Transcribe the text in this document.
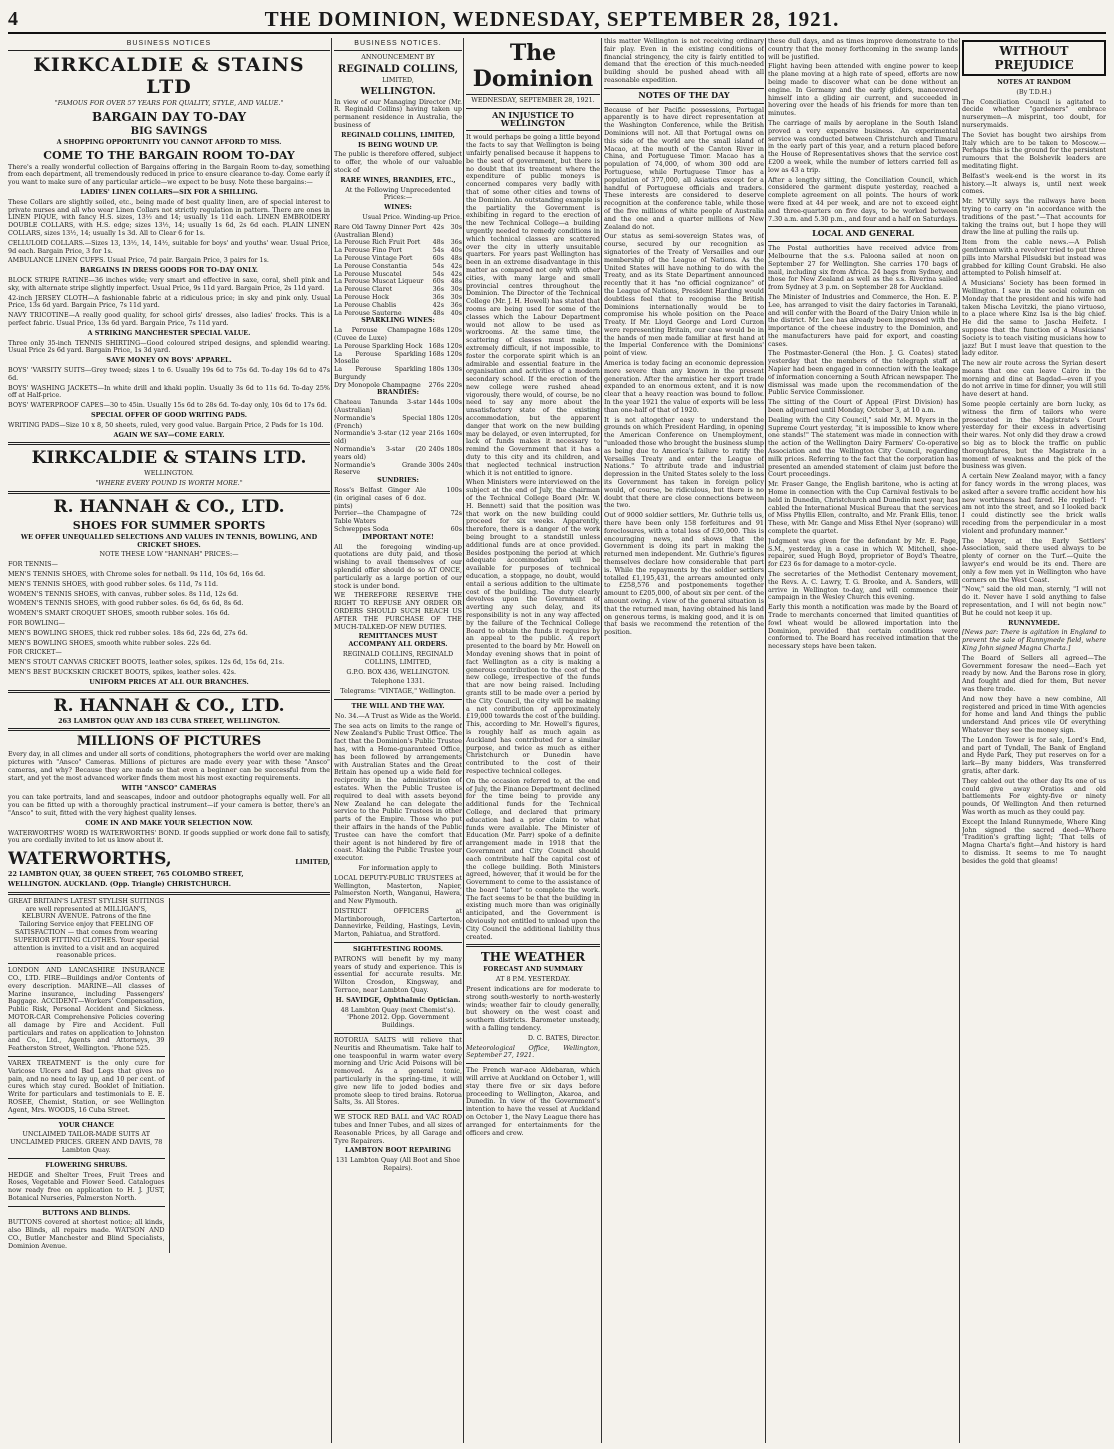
4	THE DOMINION, WEDNESDAY, SEPTEMBER 28, 1921.
BUSINESS NOTICES
KIRKCALDIE & STAINS LTD
"FAMOUS FOR OVER 57 YEARS FOR QUALITY, STYLE, AND VALUE."
BARGAIN DAY TO-DAY
BIG SAVINGS
A SHOPPING OPPORTUNITY YOU CANNOT AFFORD TO MISS.
COME TO THE BARGAIN ROOM TO-DAY

There's a really wonderful collection of Bargains offering in the Bargain Room to-day, something from each department, all tremendously reduced in price to ensure clearance to-day. Come early if you want to make sure of any particular article—we expect to be busy. Note these bargains:—

LADIES' LINEN COLLARS—SIX FOR A SHILLING.

These Collars are slightly soiled, etc., being made of best quality linen, are of special interest to private nurses and all who wear Linen Collars not strictly regulation in pattern. There are ones in LINEN PIQUE, with fancy H.S. sizes, 13½ and 14; usually 1s 11d each. LINEN EMBROIDERY DOUBLE COLLARS, with H.S. edge; sizes 13½, 14; usually 1s 6d, 2s 6d each. PLAIN LINEN COLLARS, sizes 13½, 14; usually 1s 3d. All to Clear 6 for 1s.

CELLULOID COLLARS.—Sizes 13, 13½, 14, 14½, suitable for boys' and youths' wear. Usual Price, 9d each. Bargain Price, 3 for 1s.

AMBULANCE LINEN CUFFS. Usual Price, 7d pair. Bargain Price, 3 pairs for 1s.

BARGAINS IN DRESS GOODS FOR TO-DAY ONLY.

BLOCK STRIPE RATINE—36 inches wide; very smart and effective in saxe, coral, shell pink and sky, with alternate stripe slightly imperfect. Usual Price, 9s 11d yard. Bargain Price, 2s 11d yard.

42-inch JERSEY CLOTH—A fashionable fabric at a ridiculous price; in sky and pink only. Usual Price, 13s 6d yard. Bargain Price, 7s 11d yard.

NAVY TRICOTINE—A really good quality, for school girls' dresses, also ladies' frocks. This is a perfect fabric. Usual Price, 13s 6d yard. Bargain Price, 7s 11d yard.

A STRIKING MANCHESTER SPECIAL VALUE.

Three only 35-inch TENNIS SHIRTING—Good coloured striped designs, and splendid wearing. Usual Price 2s 6d yard. Bargain Price, 1s 3d yard.

SAVE MONEY ON BOYS' APPAREL.

BOYS' 'VARSITY SUITS—Grey tweed; sizes 1 to 6. Usually 19s 6d to 75s 6d. To-day 19s 6d to 47s 6d.

BOYS' WASHING JACKETS—In white drill and khaki poplin. Usually 3s 6d to 11s 6d. To-day 25% off at Half-price.

BOYS' WATERPROOF CAPES—30 to 45in. Usually 15s 6d to 28s 6d. To-day only, 10s 6d to 17s 6d.

SPECIAL OFFER OF GOOD WRITING PADS.

WRITING PADS—Size 10 x 8, 50 sheets, ruled, very good value. Bargain Price, 2 Pads for 1s 10d.

AGAIN WE SAY—COME EARLY.
KIRKCALDIE & STAINS LTD.
WELLINGTON.
"WHERE EVERY POUND IS WORTH MORE."
R. HANNAH & CO., LTD.
SHOES FOR SUMMER SPORTS

WE OFFER UNEQUALLED SELECTIONS AND VALUES IN TENNIS, BOWLING, AND CRICKET SHOES.

NOTE THESE LOW "HANNAH" PRICES:—
FOR TENNIS—
MEN'S TENNIS SHOES, with Chrome soles for netball. 9s 11d, 10s 6d, 16s 6d.
MEN'S TENNIS SHOES, with good rubber soles. 6s 11d, 7s 11d.
WOMEN'S TENNIS SHOES, with canvas, rubber soles. 8s 11d, 12s 6d.
WOMEN'S TENNIS SHOES, with good rubber soles. 6s 6d, 6s 6d, 8s 6d.
WOMEN'S SMART CROQUET SHOES, smooth rubber soles. 16s 6d.
FOR BOWLING—
MEN'S BOWLING SHOES, thick red rubber soles. 18s 6d, 22s 6d, 27s 6d.
MEN'S BOWLING SHOES, smooth white rubber soles. 22s 6d.
FOR CRICKET—
MEN'S STOUT CANVAS CRICKET BOOTS, leather soles, spikes. 12s 6d, 15s 6d, 21s.
MEN'S BEST BUCKSKIN CRICKET BOOTS, spikes, leather soles. 42s.
UNIFORM PRICES AT ALL OUR BRANCHES.
R. HANNAH & CO., LTD.
263 LAMBTON QUAY AND 183 CUBA STREET, WELLINGTON.
MILLIONS OF PICTURES

Every day, in all climes and under all sorts of conditions, photographers the world over are making pictures with "Ansco" Cameras. Millions of pictures are made every year with these "Ansco" cameras, and why? Because they are made so that even a beginner can be successful from the start, and yet the most advanced worker finds them most his most exacting requirements.

WITH "ANSCO" CAMERAS

you can take portraits, land and seascapes, indoor and outdoor photographs equally well. For all you can be fitted up with a thoroughly practical instrument—if your camera is better, there's an "Ansco" to suit, fitted with the very highest quality lenses.

COME IN AND MAKE YOUR SELECTION NOW.

WATERWORTHS' WORD IS WATERWORTHS' BOND. If goods supplied or work done fail to satisfy, you are cordially invited to let us know about it.

WATERWORTHS,	LIMITED,
22 LAMBTON QUAY, 38 QUEEN STREET, 765 COLOMBO STREET,
WELLINGTON. AUCKLAND. (Opp. Triangle) CHRISTCHURCH.

GREAT BRITAIN'S LATEST STYLISH SUITINGS are well represented at MILLIGAN'S, KELBURN AVENUE. Patrons of the fine Tailoring Service enjoy that FEELING OF SATISFACTION — that comes from wearing SUPERIOR FITTING CLOTHES. Your special attention is invited to a visit and an acquired reasonable prices.

LONDON AND LANCASHIRE INSURANCE CO., LTD. FIRE—Buildings and/or Contents of every description. MARINE—All classes of Marine insurance, including Passengers' Baggage. ACCIDENT—Workers' Compensation, Public Risk, Personal Accident and Sickness. MOTOR-CAR Comprehensive Policies covering all damage by Fire and Accident. Full particulars and rates on application to Johnston and Co., Ltd., Agents and Attorneys, 39 Featherston Street, Wellington. 'Phone 525.

VAREX TREATMENT is the only cure for Varicose Ulcers and Bad Legs that gives no pain, and no need to lay up, and 10 per cent. of cures which stay cured. Booklet of Initiation. Write for particulars and testimonials to E. E. ROSEE, Chemist, Station, or see Wellington Agent, Mrs. WOODS, 16 Cuba Street.

YOUR CHANCE

UNCLAIMED TAILOR-MADE SUITS AT UNCLAIMED PRICES. GREEN AND DAVIS, 78 Lambton Quay.

FLOWERING SHRUBS.

HEDGE and Shelter Trees, Fruit Trees and Roses, Vegetable and Flower Seed. Catalogues now ready free on application to H. J. JUST, Botanical Nurseries, Palmerston North.

BUTTONS AND BLINDS.

BUTTONS covered at shortest notice; all kinds, also Blinds, all repairs made. WATSON AND CO., Butler Manchester and Blind Specialists, Dominion Avenue.

BUSINESS NOTICES.
ANNOUNCEMENT BY
REGINALD COLLINS,
LIMITED,
WELLINGTON.

In view of our Managing Director (Mr. R. Reginald Collins) having taken up permanent residence in Australia, the business of

REGINALD COLLINS, LIMITED,
IS BEING WOUND UP.

The public is therefore offered, subject to offer, the whole of our valuable stock of

RARE WINES, BRANDIES, ETC.,
At the Following Unprecedented Prices:—
WINES:
Usual Price. Winding-up Price.
Rare Old Tawny Dinner Port (Australian Blend)
42s	30s
La Perouse Rich Fruit Port	48s	36s
La Perouse Fino Port	54s	40s
La Perouse Vintage Port	60s	48s
La Perouse Constantia	54s	42s
La Perouse Muscatel	54s	42s
La Perouse Muscat Liqueur	60s	48s
La Perouse Claret	36s	30s
La Perouse Hock	36s	30s
La Perouse Chablis	42s	36s
La Perouse Sauterne	48s	40s
SPARKLING WINES:
La Perouse Champagne (Cuvee de Luxe)
168s 120s
La Perouse Sparkling Hock 168s 120s
La Perouse Sparkling Moselle
168s 120s
La Perouse Sparkling Burgundy
180s 130s
Dry Monopole Champagne	276s 220s
BRANDIES:
Chateau Tanunda 3-star (Australian)
144s 100s
Normandie's Special (French)
180s 120s
Normandie's 3-star (12 year old)
216s 160s
Normandie's 3-star (20 years old)
240s 180s
Normandie's Grande Reserve
300s 240s
SUNDRIES:
Ross's Belfast Ginger Ale (in original cases of 6 doz. pints)
100s
Perrier—the Champagne of Table Waters
72s
Schweppes Soda	60s
IMPORTANT NOTE!

All the foregoing winding-up quotations are duty paid, and those wishing to avail themselves of our splendid offer should do so AT ONCE, particularly as a large portion of our stock is under bond.

WE THEREFORE RESERVE THE RIGHT TO REFUSE ANY ORDER OR ORDERS SHOULD SUCH REACH US AFTER THE PURCHASE OF THE MUCH-TALKED-OF NEW DUTIES.

REMITTANCES MUST ACCOMPANY ALL ORDERS.
REGINALD COLLINS, REGINALD COLLINS, LIMITED,
G.P.O. BOX 436, WELLINGTON.
Telephone 1331.
Telegrams: "VINTAGE," Wellington.
THE WILL AND THE WAY.
No. 34.—A Trust as Wide as the World.

The sea acts on limits to the range of New Zealand's Public Trust Office. The fact that the Dominion's Public Trustee has, with a Home-guaranteed Office, has been followed by arrangements with Australian States and the Great Britain has opened up a wide field for reciprocity in the administration of estates. When the Public Trustee is required to deal with assets beyond New Zealand he can delegate the service to the Public Trustees in other parts of the Empire. Those who put their affairs in the hands of the Public Trustee can have the comfort that their agent is not hindered by fire of coast. Making the Public Trustee your executor.

For information apply to

LOCAL DEPUTY-PUBLIC TRUSTEES at Wellington, Masterton, Napier, Palmerston North, Wanganui, Hawera, and New Plymouth.

DISTRICT OFFICERS at Martinborough, Carterton, Dannevirke, Feilding, Hastings, Levin, Marton, Pahiatua, and Stratford.

SIGHT-TESTING ROOMS.

PATRONS will benefit by my many years of study and experience. This is essential for accurate results. Mr. Wilton Crosdon, Kingsway, and Terrace, near Lambton Quay.

H. SAVIDGE, Ophthalmic Optician.
48 Lambton Quay (next Chemist's). 'Phone 2012. Opp. Government Buildings.

ROTORUA SALTS will relieve that Neuritis and Rheumatism. Take half to one teaspoonful in warm water every morning and Uric Acid Poisons will be removed. As a general tonic, particularly in the spring-time, it will give new life to joded bodies and promote sleep to tired brains. Rotorua Salts, 3s. All Stores.

WE STOCK RED BALL and VAC ROAD tubes and Inner Tubes, and all sizes of Reasonable Prices, by all Garage and Tyre Repairers.

LAMBTON BOOT REPAIRING
131 Lambton Quay (All Boot and Shoe Repairs).
The Dominion
WEDNESDAY, SEPTEMBER 28, 1921.
AN INJUSTICE TO WELLINGTON

It would perhaps be going a little beyond the facts to say that Wellington is being unfairly penalised because it happens to be the seat of government, but there is no doubt that its treatment where the expenditure of public moneys is concerned compares very badly with that of some other cities and towns of the Dominion. An outstanding example is the partiality the Government is exhibiting in regard to the erection of the new Technical College—a building urgently needed to remedy conditions in which technical classes are scattered over the city in utterly unsuitable quarters. For years past Wellington has been in an extreme disadvantage in this matter as compared not only with other cities, with many large and small provincial centres throughout the Dominion. The Director of the Technical College (Mr. J. H. Howell) has stated that rooms are being used for some of the classes which the Labour Department would not allow to be used as workrooms. At the same time, the scattering of classes must make it extremely difficult, if not impossible, to foster the corporate spirit which is an admirable and essential feature in the organisation and activities of a modern secondary school. If the erection of the new college were rushed ahead vigorously, there would, of course, be no need to say any more about the unsatisfactory state of the existing accommodation, but the apparent danger that work on the new building may be delayed, or even interrupted, for lack of funds makes it necessary to remind the Government that it has a duty to this city and its children, and that neglected technical instruction which it is not entitled to ignore.

When Ministers were interviewed on the subject at the end of July, the chairman of the Technical College Board (Mr. W. H. Bennett) said that the position was that work on the new building could proceed for six weeks. Apparently, therefore, there is a danger of the work being brought to a standstill unless additional funds are at once provided. Besides postponing the period at which adequate accommodation will be available for purposes of technical education, a stoppage, no doubt, would entail a serious addition to the ultimate cost of the building. The duty clearly devolves upon the Government of averting any such delay, and its responsibility is not in any way affected by the failure of the Technical College Board to obtain the funds it requires by an appeal to the public. A report presented to the board by Mr. Howell on Monday evening shows that in point of fact Wellington as a city is making a generous contribution to the cost of the new college, irrespective of the funds that are now being raised. Including grants still to be made over a period by the City Council, the city will be making a net contribution of approximately £19,000 towards the cost of the building. This, according to Mr. Howell's figures, is roughly half as much again as Auckland has contributed for a similar purpose, and twice as much as either Christchurch or Dunedin have contributed to the cost of their respective technical colleges.

On the occasion referred to, at the end of July, the Finance Department declined for the time being to provide any additional funds for the Technical College, and declared that primary education had a prior claim to what funds were available. The Minister of Education (Mr. Parr) spoke of a definite arrangement made in 1918 that the Government and City Council should each contribute half the capital cost of the college building. Both Ministers agreed, however, that it would be for the Government to come to the assistance of the board "later" to complete the work. The fact seems to be that the building in existing much more than was originally anticipated, and the Government is obviously not entitled to unload upon the City Council the additional liability thus created.

THE WEATHER
FORECAST AND SUMMARY
AT 8 P.M. YESTERDAY.

Present indications are for moderate to strong south-westerly to north-westerly winds; weather fair to cloudy generally, but showery on the west coast and southern districts. Barometer unsteady, with a falling tendency.

D. C. BATES, Director.
Meteorological Office, Wellington, September 27, 1921.

The French war-ace Aldebaran, which will arrive at Auckland on October 1, will stay there five or six days before proceeding to Wellington, Akaroa, and Dunedin. In view of the Government's intention to have the vessel at Auckland on October 1, the Navy League there has arranged for entertainments for the officers and crew.

this matter Wellington is not receiving ordinary fair play. Even in the existing conditions of financial stringency, the city is fairly entitled to demand that the erection of this much-needed building should be pushed ahead with all reasonable expedition.

NOTES OF THE DAY

Because of her Pacific possessions, Portugal apparently is to have direct representation at the Washington Conference, while the British Dominions will not. All that Portugal owns on this side of the world are the small island of Macao, at the mouth of the Canton River in China, and Portuguese Timor. Macao has a population of 74,000, of whom 300 odd are Portuguese, while Portuguese Timor has a population of 377,000, all Asiatics except for a handful of Portuguese officials and traders. These interests are considered to deserve recognition at the conference table, while those of the five millions of white people of Australia and the one and a quarter millions of New Zealand do not.

Our status as semi-sovereign States was, of course, secured by our recognition as signatories of the Treaty of Versailles and our membership of the League of Nations. As the United States will have nothing to do with the Treaty, and as its State Department announced recently that it has "no official cognizance" of the League of Nations, President Harding would doubtless feel that to recognise the British Dominions internationally would be to compromise his whole position on the Peace Treaty. If Mr. Lloyd George and Lord Curzon were representing Britain, our case would be in the hands of men made familiar at first hand at the Imperial Conference with the Dominions' point of view.

America is today facing an economic depression more severe than any known in the present generation. After the armistice her export trade expanded to an enormous extent, and it is now clear that a heavy reaction was bound to follow. In the year 1921 the value of exports will be less than one-half of that of 1920.

It is not altogether easy to understand the grounds on which President Harding, in opening the American Conference on Unemployment, "unloaded those who brought the business slump as being due to America's failure to ratify the Versailles Treaty and enter the League of Nations." To attribute trade and industrial depression in the United States solely to the loss its Government has taken in foreign policy would, of course, be ridiculous, but there is no doubt that there are close connections between the two.

Out of 9000 soldier settlers, Mr. Guthrie tells us, there have been only 158 forfeitures and 91 foreclosures, with a total loss of £30,000. This is encouraging news, and shows that the Government is doing its part in making the returned men independent. Mr. Guthrie's figures themselves declare how considerable that part is. While the repayments by the soldier settlers totalled £1,195,431, the arrears amounted only to £258,576 and postponements together amount to £205,000, of about six per cent. of the amount owing. A view of the general situation is that the returned man, having obtained his land on generous terms, is making good, and it is on that basis we recommend the retention of the position.

these dull days, and as times improve demonstrate to the country that the money forthcoming in the swamp lands will be justified.

Flight having been attended with engine power to keep the plane moving at a high rate of speed, efforts are now being made to discover what can be done without an engine. In Germany and the early gliders, manoeuvred himself into a gliding air current, and succeeded in hovering over the heads of his friends for more than ten minutes.

The carriage of mails by aeroplane in the South Island proved a very expensive business. An experimental service was conducted between Christchurch and Timaru in the early part of this year, and a return placed before the House of Representatives shows that the service cost £200 a week, while the number of letters carried fell as low as 43 a trip.

After a lengthy sitting, the Conciliation Council, which considered the garment dispute yesterday, reached a complete agreement on all points. The hours of work were fixed at 44 per week, and are not to exceed eight and three-quarters on five days, to be worked between 7.30 a.m. and 5.30 p.m., and four and a half on Saturdays.

LOCAL AND GENERAL

The Postal authorities have received advice from Melbourne that the s.s. Paloona sailed at noon on September 27 for Wellington. She carries 170 bags of mail, including six from Africa. 24 bags from Sydney, and those for New Zealand as well as the s.s. Riverina sailed from Sydney at 3 p.m. on September 28 for Auckland.

The Minister of Industries and Commerce, the Hon. E. P. Lee, has arranged to visit the dairy factories in Taranaki, and will confer with the Board of the Dairy Union while in the district. Mr. Lee has already been impressed with the importance of the cheese industry to the Dominion, and the manufacturers have paid for export, and coasting cases.

The Postmaster-General (the Hon. J. G. Coates) stated yesterday that the members of the telegraph staff at Napier had been engaged in connection with the leakage of information concerning a South African newspaper. The dismissal was made upon the recommendation of the Public Service Commissioner.

The sitting of the Court of Appeal (First Division) has been adjourned until Monday, October 3, at 10 a.m.

Dealing with the City Council," said Mr. M. Myers in the Supreme Court yesterday, "it is impossible to know where one stands!" The statement was made in connection with the action of the Wellington Dairy Farmers' Co-operative Association and the Wellington City Council, regarding milk prices. Referring to the fact that the corporation has presented an amended statement of claim just before the Court proceedings.

Mr. Fraser Gange, the English baritone, who is acting at Home in connection with the Cup Carnival festivals to be held in Dunedin, Christchurch and Dunedin next year, has cabled the International Musical Bureau that the services of Miss Phyllis Ellen, contralto, and Mr. Frank Ellis, tenor. These, with Mr. Gange and Miss Ethel Nyer (soprano) will complete the quartet.

Judgment was given for the defendant by Mr. E. Page, S.M., yesterday, in a case in which W. Mitchell, shoe-repairer, sued Hugh Boyd, proprietor of Boyd's Theatre, for £23 6s for damage to a motor-cycle.

The secretaries of the Methodist Centenary movement, the Revs. A. C. Lawry, T. G. Brooke, and A. Sanders, will arrive in Wellington to-day, and will commence their campaign in the Wesley Church this evening.

Early this month a notification was made by the Board of Trade to merchants concerned that limited quantities of fowl wheat would be allowed importation into the Dominion, provided that certain conditions were conformed to. The Board has received intimation that the necessary steps have been taken.

WITHOUT PREJUDICE
NOTES AT RANDOM
(By T.D.H.)

The Conciliation Council is agitated to decide whether "gardeners" embrace nurserymen—A misprint, too doubt, for nurserymaids.

The Soviet has bought two airships from Italy which are to be taken to Moscow.—Perhaps this is the ground for the persistent rumours that the Bolshevik leaders are meditating flight.

Belfast's week-end is the worst in its history.—It always is, until next week comes.

Mr. M'Villy says the railways have been trying to carry on "in accordance with the traditions of the past."—That accounts for taking the trains out, but I hope they will draw the line at pulling the rails up.

Item from the cable news.—A Polish gentleman with a revolver tried to put three pills into Marshal Pilsudski but instead was grabbed for killing Count Grabski. He also attempted to Polish himself at.

A Musicians' Society has been formed in Wellington. I saw in the social column on Monday that the president and his wife had taken Mischa Levitzki, the piano virtuoso, to a place where Kinz Isa is the big chief. He did the same to Jascha Heifetz. I suppose that the function of a Musicians' Society is to teach visiting musicians how to jazz! But I must leave that question to the lady editor.

The new air route across the Syrian desert means that one can leave Cairo in the morning and dine at Bagdad—even if you do not arrive in time for dinner, you will still have desert at hand.

Some people certainly are born lucky, as witness the firm of tailors who were prosecuted in the Magistrate's Court yesterday for their excess in advertising their wares. Not only did they draw a crowd so big as to block the traffic on public thoroughfares, but the Magistrate in a moment of weakness and the pick of the business was given.

A certain New Zealand mayor, with a fancy for fancy words in the wrong places, was asked after a severe traffic accident how his new worthiness had fared. He replied: "I am not into the street, and so I looked back I could distinctly see the brick walls receding from the perpendicular in a most violent and profundary manner."

The Mayor, at the Early Settlers' Association, said there used always to be plenty of corner on the Turf.—Quite the lawyer's end would be its end. There are only a few men yet in Wellington who have corners on the West Coast.

"Now," said the old man, sternly, "I will not do it. Never have I sold anything to false representation, and I will not begin now." But he could not keep it up.

RUNNYMEDE.

[News par: There is agitation in England to prevent the sale of Runnymede field, where King John signed Magna Charta.]

The Board of Sellers all agreed—The Government foresaw the need—Each yet ready by now. And the Barons rose in glory, And fought and died for them, But never was there trade.

And now they have a new combine, All registered and priced in time With agencies for home and land And things the public understand And prices vile Of everything Whatever they see the money sign.

The London Tower is for sale, Lord's End, and part of Tyndall, The Bank of England and Hyde Park, They put reserves on for a lark—By many bidders, Was transferred gratis, after dark.

They cabled out the other day Its one of us could give away Oratios and old battlements For eighty-five or ninety pounds, Of Wellington And then returned Was worth as much as they could pay.

Except the Inland Runnymede, Where King John signed the sacred deed—Where 'Tradition's grafting light; 'That tells of Magna Charta's fight—And history is hard to dismiss. It seems to me To naught besides the gold that gleams!
